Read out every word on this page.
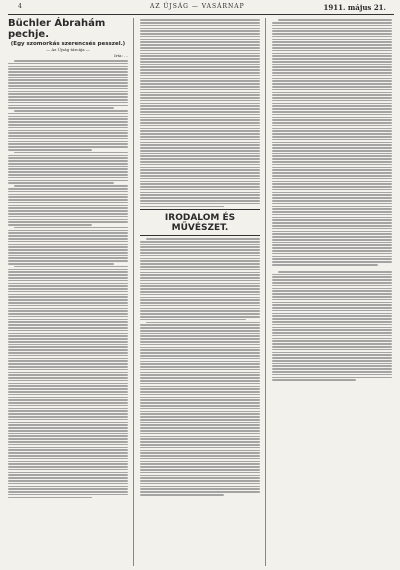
4	AZ ÚJSÁG — VASÁRNAP	1911. május 21.
Büchler Ábrahám pechje.
(Egy szomorkás szerencsés pesszel.)
— Az Újság tárcája —
Irta: ...
IRODALOM ÉS MŰVÉSZET.
